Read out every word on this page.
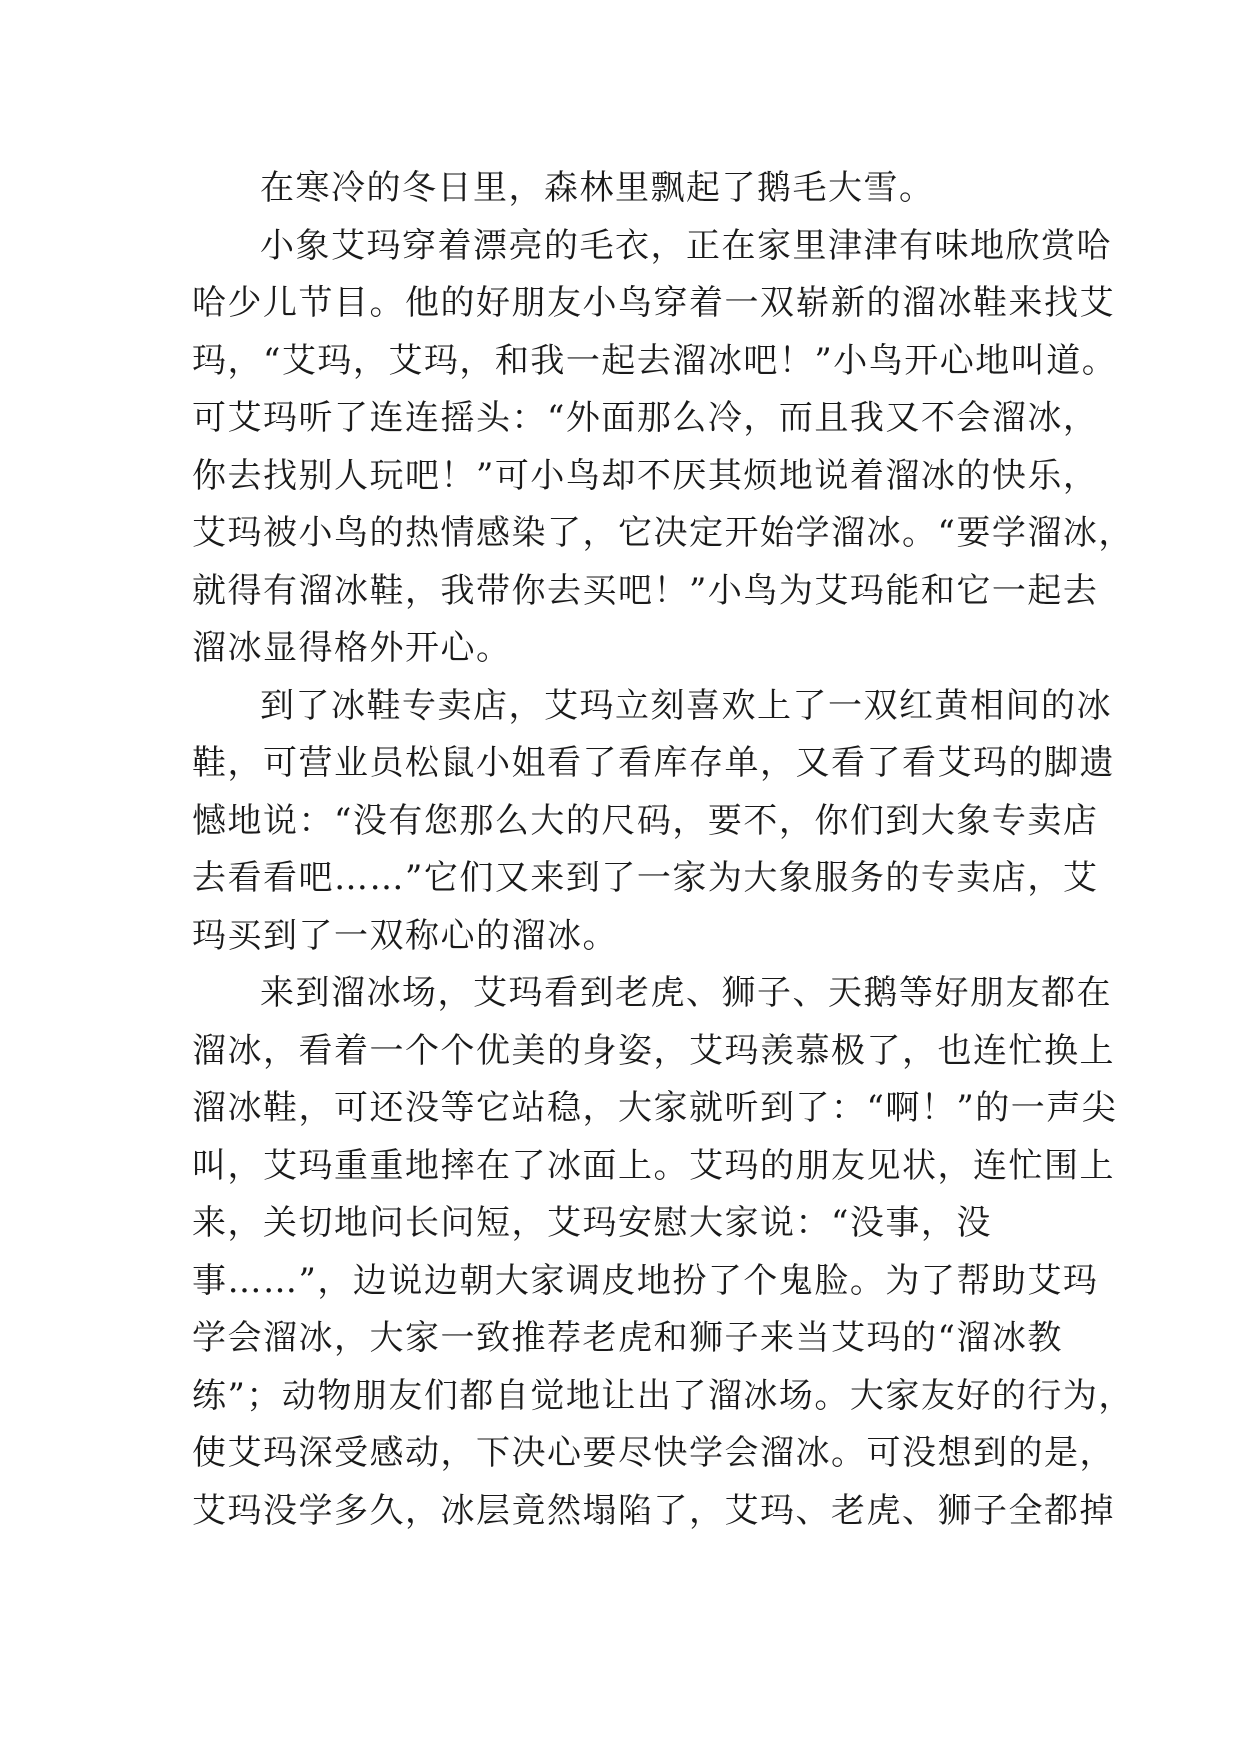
在寒冷的冬日里，森林里飘起了鹅毛大雪。
小象艾玛穿着漂亮的毛衣，正在家里津津有味地欣赏哈
哈少儿节目。他的好朋友小鸟穿着一双崭新的溜冰鞋来找艾
玛，“艾玛，艾玛，和我一起去溜冰吧！”小鸟开心地叫道。
可艾玛听了连连摇头：“外面那么冷，而且我又不会溜冰，
你去找别人玩吧！”可小鸟却不厌其烦地说着溜冰的快乐，
艾玛被小鸟的热情感染了，它决定开始学溜冰。“要学溜冰，
就得有溜冰鞋，我带你去买吧！”小鸟为艾玛能和它一起去
溜冰显得格外开心。
到了冰鞋专卖店，艾玛立刻喜欢上了一双红黄相间的冰
鞋，可营业员松鼠小姐看了看库存单，又看了看艾玛的脚遗
憾地说：“没有您那么大的尺码，要不，你们到大象专卖店
去看看吧……”它们又来到了一家为大象服务的专卖店，艾
玛买到了一双称心的溜冰。
来到溜冰场，艾玛看到老虎、狮子、天鹅等好朋友都在
溜冰，看着一个个优美的身姿，艾玛羡慕极了，也连忙换上
溜冰鞋，可还没等它站稳，大家就听到了：“啊！”的一声尖
叫，艾玛重重地摔在了冰面上。艾玛的朋友见状，连忙围上
来，关切地问长问短，艾玛安慰大家说：“没事，没
事……”，边说边朝大家调皮地扮了个鬼脸。为了帮助艾玛
学会溜冰，大家一致推荐老虎和狮子来当艾玛的“溜冰教
练”；动物朋友们都自觉地让出了溜冰场。大家友好的行为，
使艾玛深受感动，下决心要尽快学会溜冰。可没想到的是，
艾玛没学多久，冰层竟然塌陷了，艾玛、老虎、狮子全都掉
